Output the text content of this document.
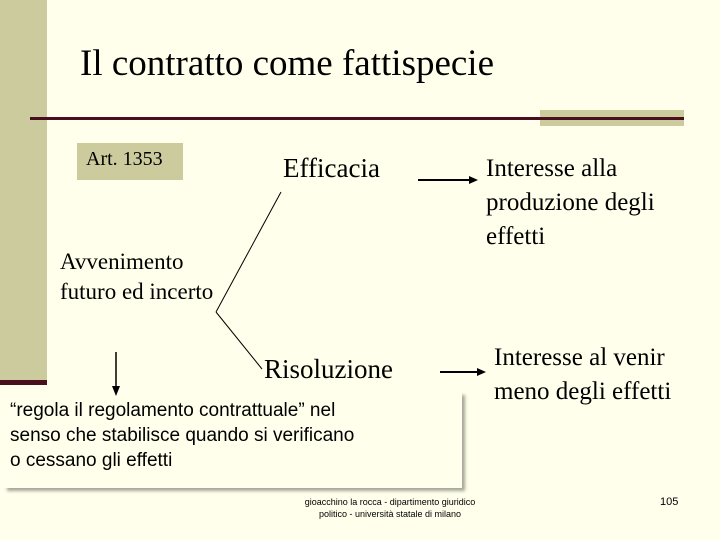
Il contratto come fattispecie
Art. 1353	Efficacia
Risoluzione
Avvenimento
futuro ed incerto
Interesse alla
produzione degli
effetti
Interesse al venir
meno degli effetti
“regola il regolamento contrattuale” nel
senso che stabilisce quando si verificano
o cessano gli effetti
gioacchino la rocca - dipartimento giuridico
politico - università statale di milano
105
